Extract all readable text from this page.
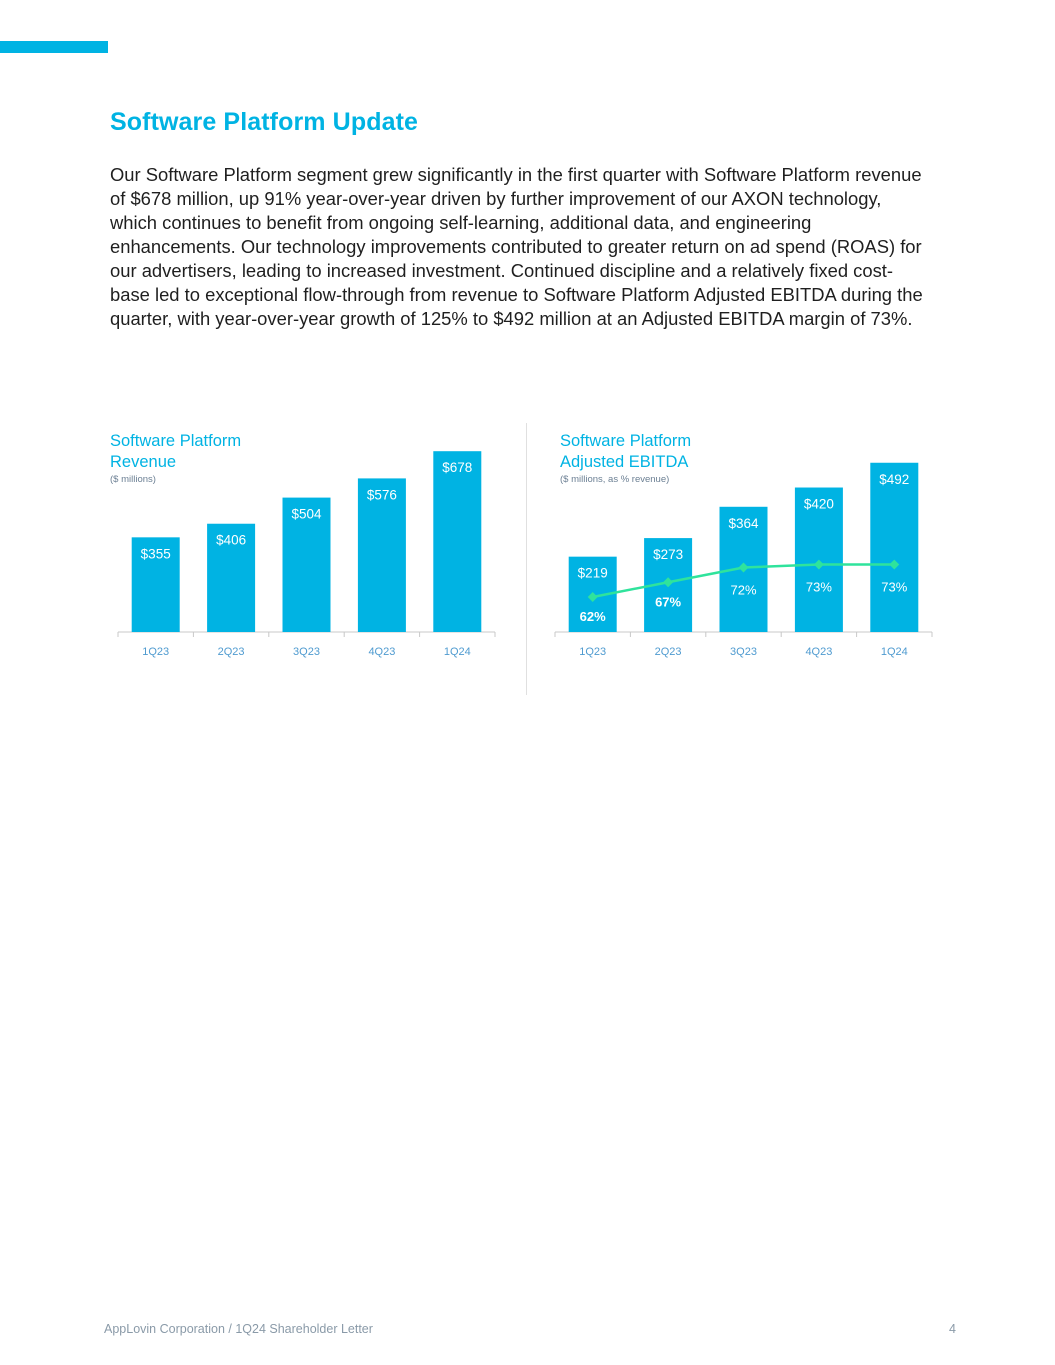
Software Platform Update

Our Software Platform segment grew significantly in the first quarter with Software Platform revenue of $678 million, up 91% year-over-year driven by further improvement of our AXON technology, which continues to benefit from ongoing self-learning, additional data, and engineering enhancements. Our technology improvements contributed to greater return on ad spend (ROAS) for our advertisers, leading to increased investment. Continued discipline and a relatively fixed cost-base led to exceptional flow-through from revenue to Software Platform Adjusted EBITDA during the quarter, with year-over-year growth of 125% to $492 million at an Adjusted EBITDA margin of 73%.

Software Platform
Revenue
($ millions)
Software Platform
Adjusted EBITDA
($ millions, as % revenue)
$355
1Q23
$406
2Q23
$504
3Q23
$576
4Q23
$678
1Q24
$219
1Q23
$273
2Q23
$364
3Q23
$420
4Q23
$492
1Q24
62%
67%
72%	73%	73%
AppLovin Corporation / 1Q24 Shareholder Letter	4
